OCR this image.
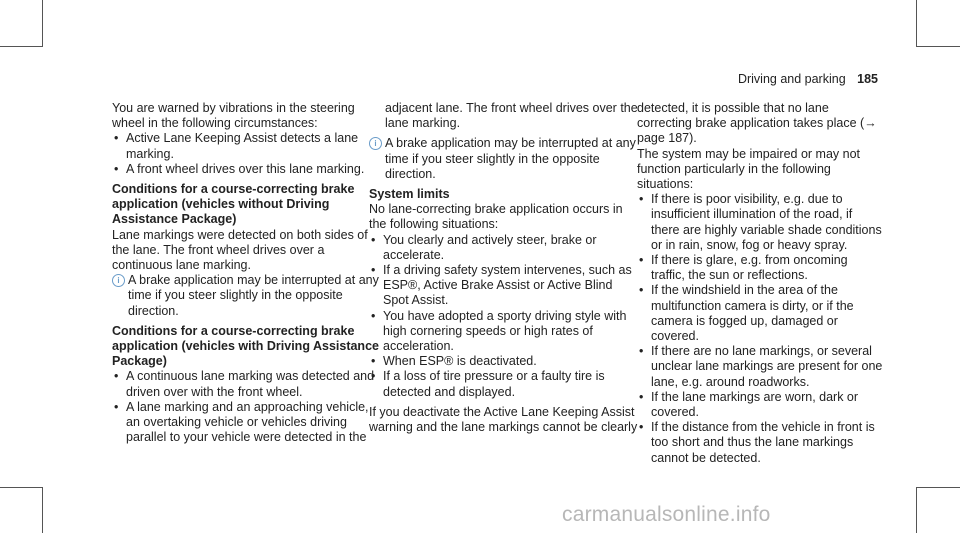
Driving and parking 185

You are warned by vibrations in the steering wheel in the following circumstances:

• Active Lane Keeping Assist detects a lane marking.
• A front wheel drives over this lane marking.
Conditions for a course-correcting brake application (vehicles without Driving Assistance Package)

Lane markings were detected on both sides of the lane. The front wheel drives over a continuous lane marking.

i A brake application may be interrupted at any time if you steer slightly in the opposite direction.
Conditions for a course-correcting brake application (vehicles with Driving Assistance Package)
• A continuous lane marking was detected and driven over with the front wheel.
• A lane marking and an approaching vehicle, an overtaking vehicle or vehicles driving parallel to your vehicle were detected in the

adjacent lane. The front wheel drives over the lane marking.

i A brake application may be interrupted at any time if you steer slightly in the opposite direction.
System limits

No lane-correcting brake application occurs in the following situations:

• You clearly and actively steer, brake or accelerate.
• If a driving safety system intervenes, such as ESP®, Active Brake Assist or Active Blind Spot Assist.
• You have adopted a sporty driving style with high cornering speeds or high rates of acceleration.
• When ESP® is deactivated.
• If a loss of tire pressure or a faulty tire is detected and displayed.

If you deactivate the Active Lane Keeping Assist warning and the lane markings cannot be clearly

detected, it is possible that no lane correcting brake application takes place (→ page 187).

The system may be impaired or may not function particularly in the following situations:

• If there is poor visibility, e.g. due to insufficient illumination of the road, if there are highly variable shade conditions or in rain, snow, fog or heavy spray.
• If there is glare, e.g. from oncoming traffic, the sun or reflections.
• If the windshield in the area of the multifunction camera is dirty, or if the camera is fogged up, damaged or covered.
• If there are no lane markings, or several unclear lane markings are present for one lane, e.g. around roadworks.
• If the lane markings are worn, dark or covered.
• If the distance from the vehicle in front is too short and thus the lane markings cannot be detected.
carmanualsonline.info
